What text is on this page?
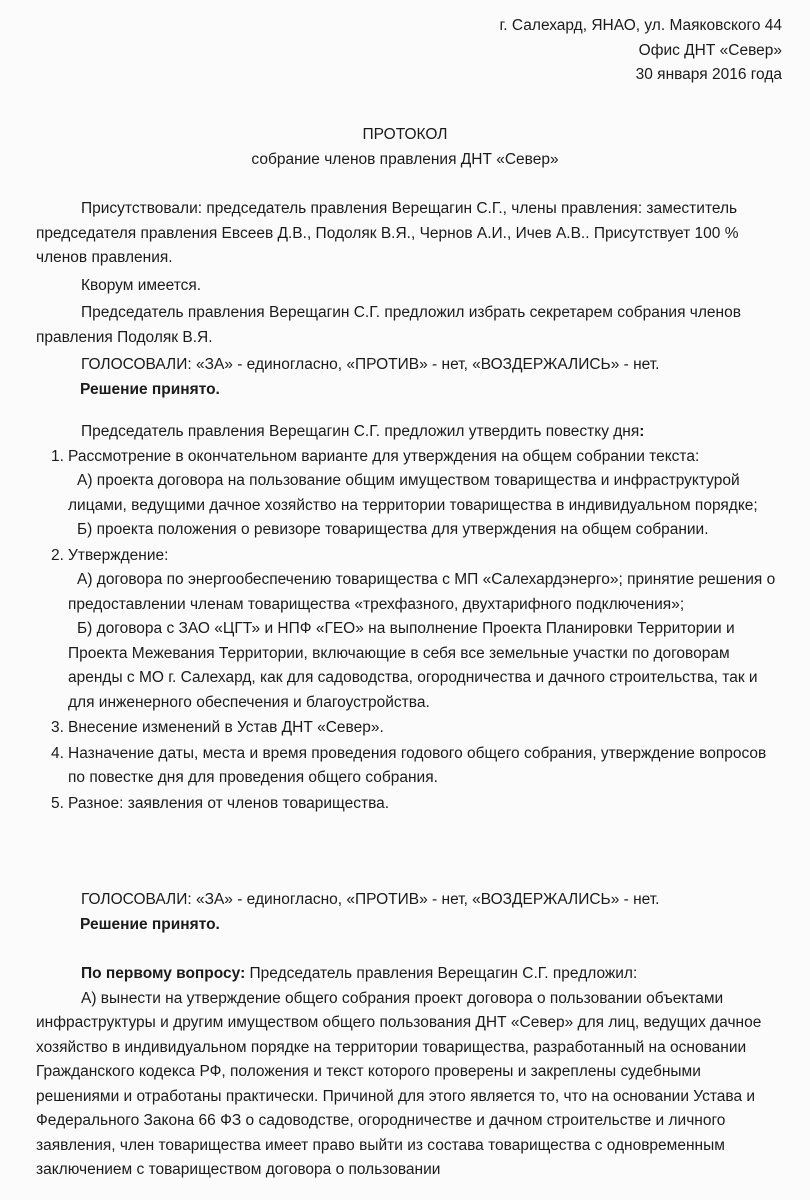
г. Салехард, ЯНАО, ул. Маяковского 44
Офис ДНТ «Север»
30 января 2016 года
ПРОТОКОЛ
собрание членов правления ДНТ «Север»

Присутствовали: председатель правления Верещагин С.Г., члены правления: заместитель председателя правления Евсеев Д.В., Подоляк В.Я., Чернов А.И., Ичев А.В.. Присутствует 100 % членов правления.

Кворум имеется.

Председатель правления Верещагин С.Г. предложил избрать секретарем собрания членов правления Подоляк В.Я.

ГОЛОСОВАЛИ: «ЗА» - единогласно, «ПРОТИВ» - нет, «ВОЗДЕРЖАЛИСЬ» - нет.

Решение принято.

Председатель правления Верещагин С.Г. предложил утвердить повестку дня:

1. Рассмотрение в окончательном варианте для утверждения на общем собрании текста:
А) проекта договора на пользование общим имуществом товарищества и инфраструктурой лицами, ведущими дачное хозяйство на территории товарищества в индивидуальном порядке;
Б) проекта положения о ревизоре товарищества для утверждения на общем собрании.
2. Утверждение:
А) договора по энергообеспечению товарищества с МП «Салехардэнерго»; принятие решения о предоставлении членам товарищества «трехфазного, двухтарифного подключения»;
Б) договора с ЗАО «ЦГТ» и НПФ «ГЕО» на выполнение Проекта Планировки Территории и Проекта Межевания Территории, включающие в себя все земельные участки по договорам аренды с МО г. Салехард, как для садоводства, огородничества и дачного строительства, так и для инженерного обеспечения и благоустройства.
3. Внесение изменений в Устав ДНТ «Север».
4. Назначение даты, места и время проведения годового общего собрания, утверждение вопросов по повестке дня для проведения общего собрания.
5. Разное: заявления от членов товарищества.

ГОЛОСОВАЛИ: «ЗА» - единогласно, «ПРОТИВ» - нет, «ВОЗДЕРЖАЛИСЬ» - нет.

Решение принято.

По первому вопросу: Председатель правления Верещагин С.Г. предложил:

А) вынести на утверждение общего собрания проект договора о пользовании объектами инфраструктуры и другим имуществом общего пользования ДНТ «Север» для лиц, ведущих дачное хозяйство в индивидуальном порядке на территории товарищества, разработанный на основании Гражданского кодекса РФ, положения и текст которого проверены и закреплены судебными решениями и отработаны практически. Причиной для этого является то, что на основании Устава и Федерального Закона 66 ФЗ о садоводстве, огородничестве и дачном строительстве и личного заявления, член товарищества имеет право выйти из состава товарищества с одновременным заключением с товариществом договора о пользовании
